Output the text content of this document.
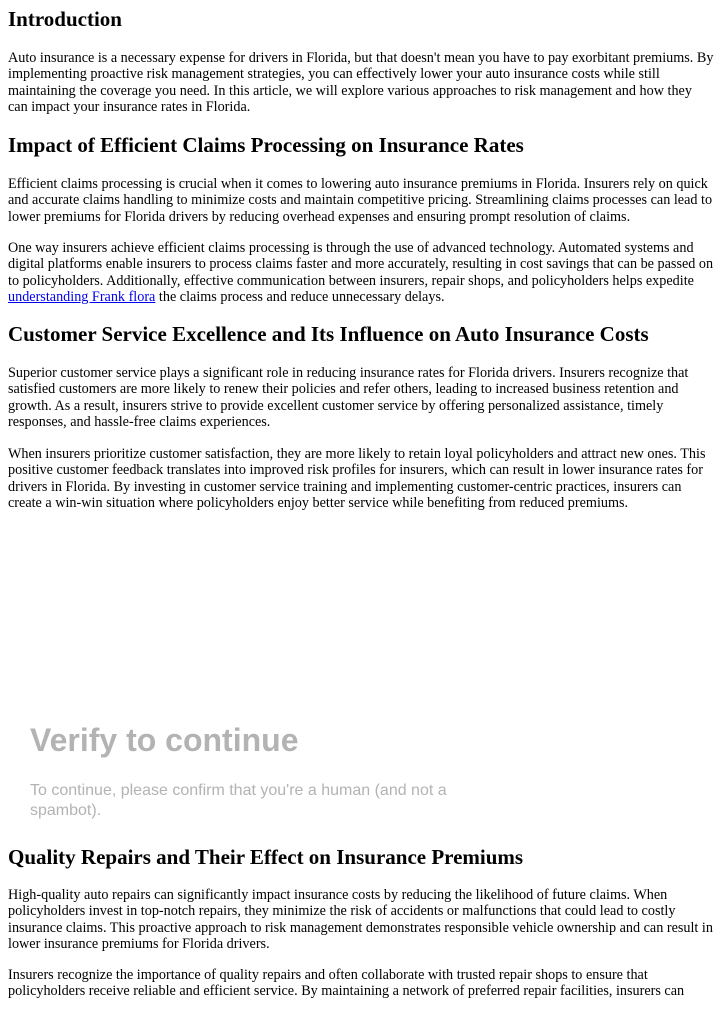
Introduction

Auto insurance is a necessary expense for drivers in Florida, but that doesn't mean you have to pay exorbitant premiums. By implementing proactive risk management strategies, you can effectively lower your auto insurance costs while still maintaining the coverage you need. In this article, we will explore various approaches to risk management and how they can impact your insurance rates in Florida.

Impact of Efficient Claims Processing on Insurance Rates

Efficient claims processing is crucial when it comes to lowering auto insurance premiums in Florida. Insurers rely on quick and accurate claims handling to minimize costs and maintain competitive pricing. Streamlining claims processes can lead to lower premiums for Florida drivers by reducing overhead expenses and ensuring prompt resolution of claims.

One way insurers achieve efficient claims processing is through the use of advanced technology. Automated systems and digital platforms enable insurers to process claims faster and more accurately, resulting in cost savings that can be passed on to policyholders. Additionally, effective communication between insurers, repair shops, and policyholders helps expedite understanding Frank flora the claims process and reduce unnecessary delays.

Customer Service Excellence and Its Influence on Auto Insurance Costs

Superior customer service plays a significant role in reducing insurance rates for Florida drivers. Insurers recognize that satisfied customers are more likely to renew their policies and refer others, leading to increased business retention and growth. As a result, insurers strive to provide excellent customer service by offering personalized assistance, timely responses, and hassle-free claims experiences.

When insurers prioritize customer satisfaction, they are more likely to retain loyal policyholders and attract new ones. This positive customer feedback translates into improved risk profiles for insurers, which can result in lower insurance rates for drivers in Florida. By investing in customer service training and implementing customer-centric practices, insurers can create a win-win situation where policyholders enjoy better service while benefiting from reduced premiums.

Verify to continue
To continue, please confirm that you're a human (and not a spambot).
Quality Repairs and Their Effect on Insurance Premiums

High-quality auto repairs can significantly impact insurance costs by reducing the likelihood of future claims. When policyholders invest in top-notch repairs, they minimize the risk of accidents or malfunctions that could lead to costly insurance claims. This proactive approach to risk management demonstrates responsible vehicle ownership and can result in lower insurance premiums for Florida drivers.

Insurers recognize the importance of quality repairs and often collaborate with trusted repair shops to ensure that policyholders receive reliable and efficient service. By maintaining a network of preferred repair facilities, insurers can
